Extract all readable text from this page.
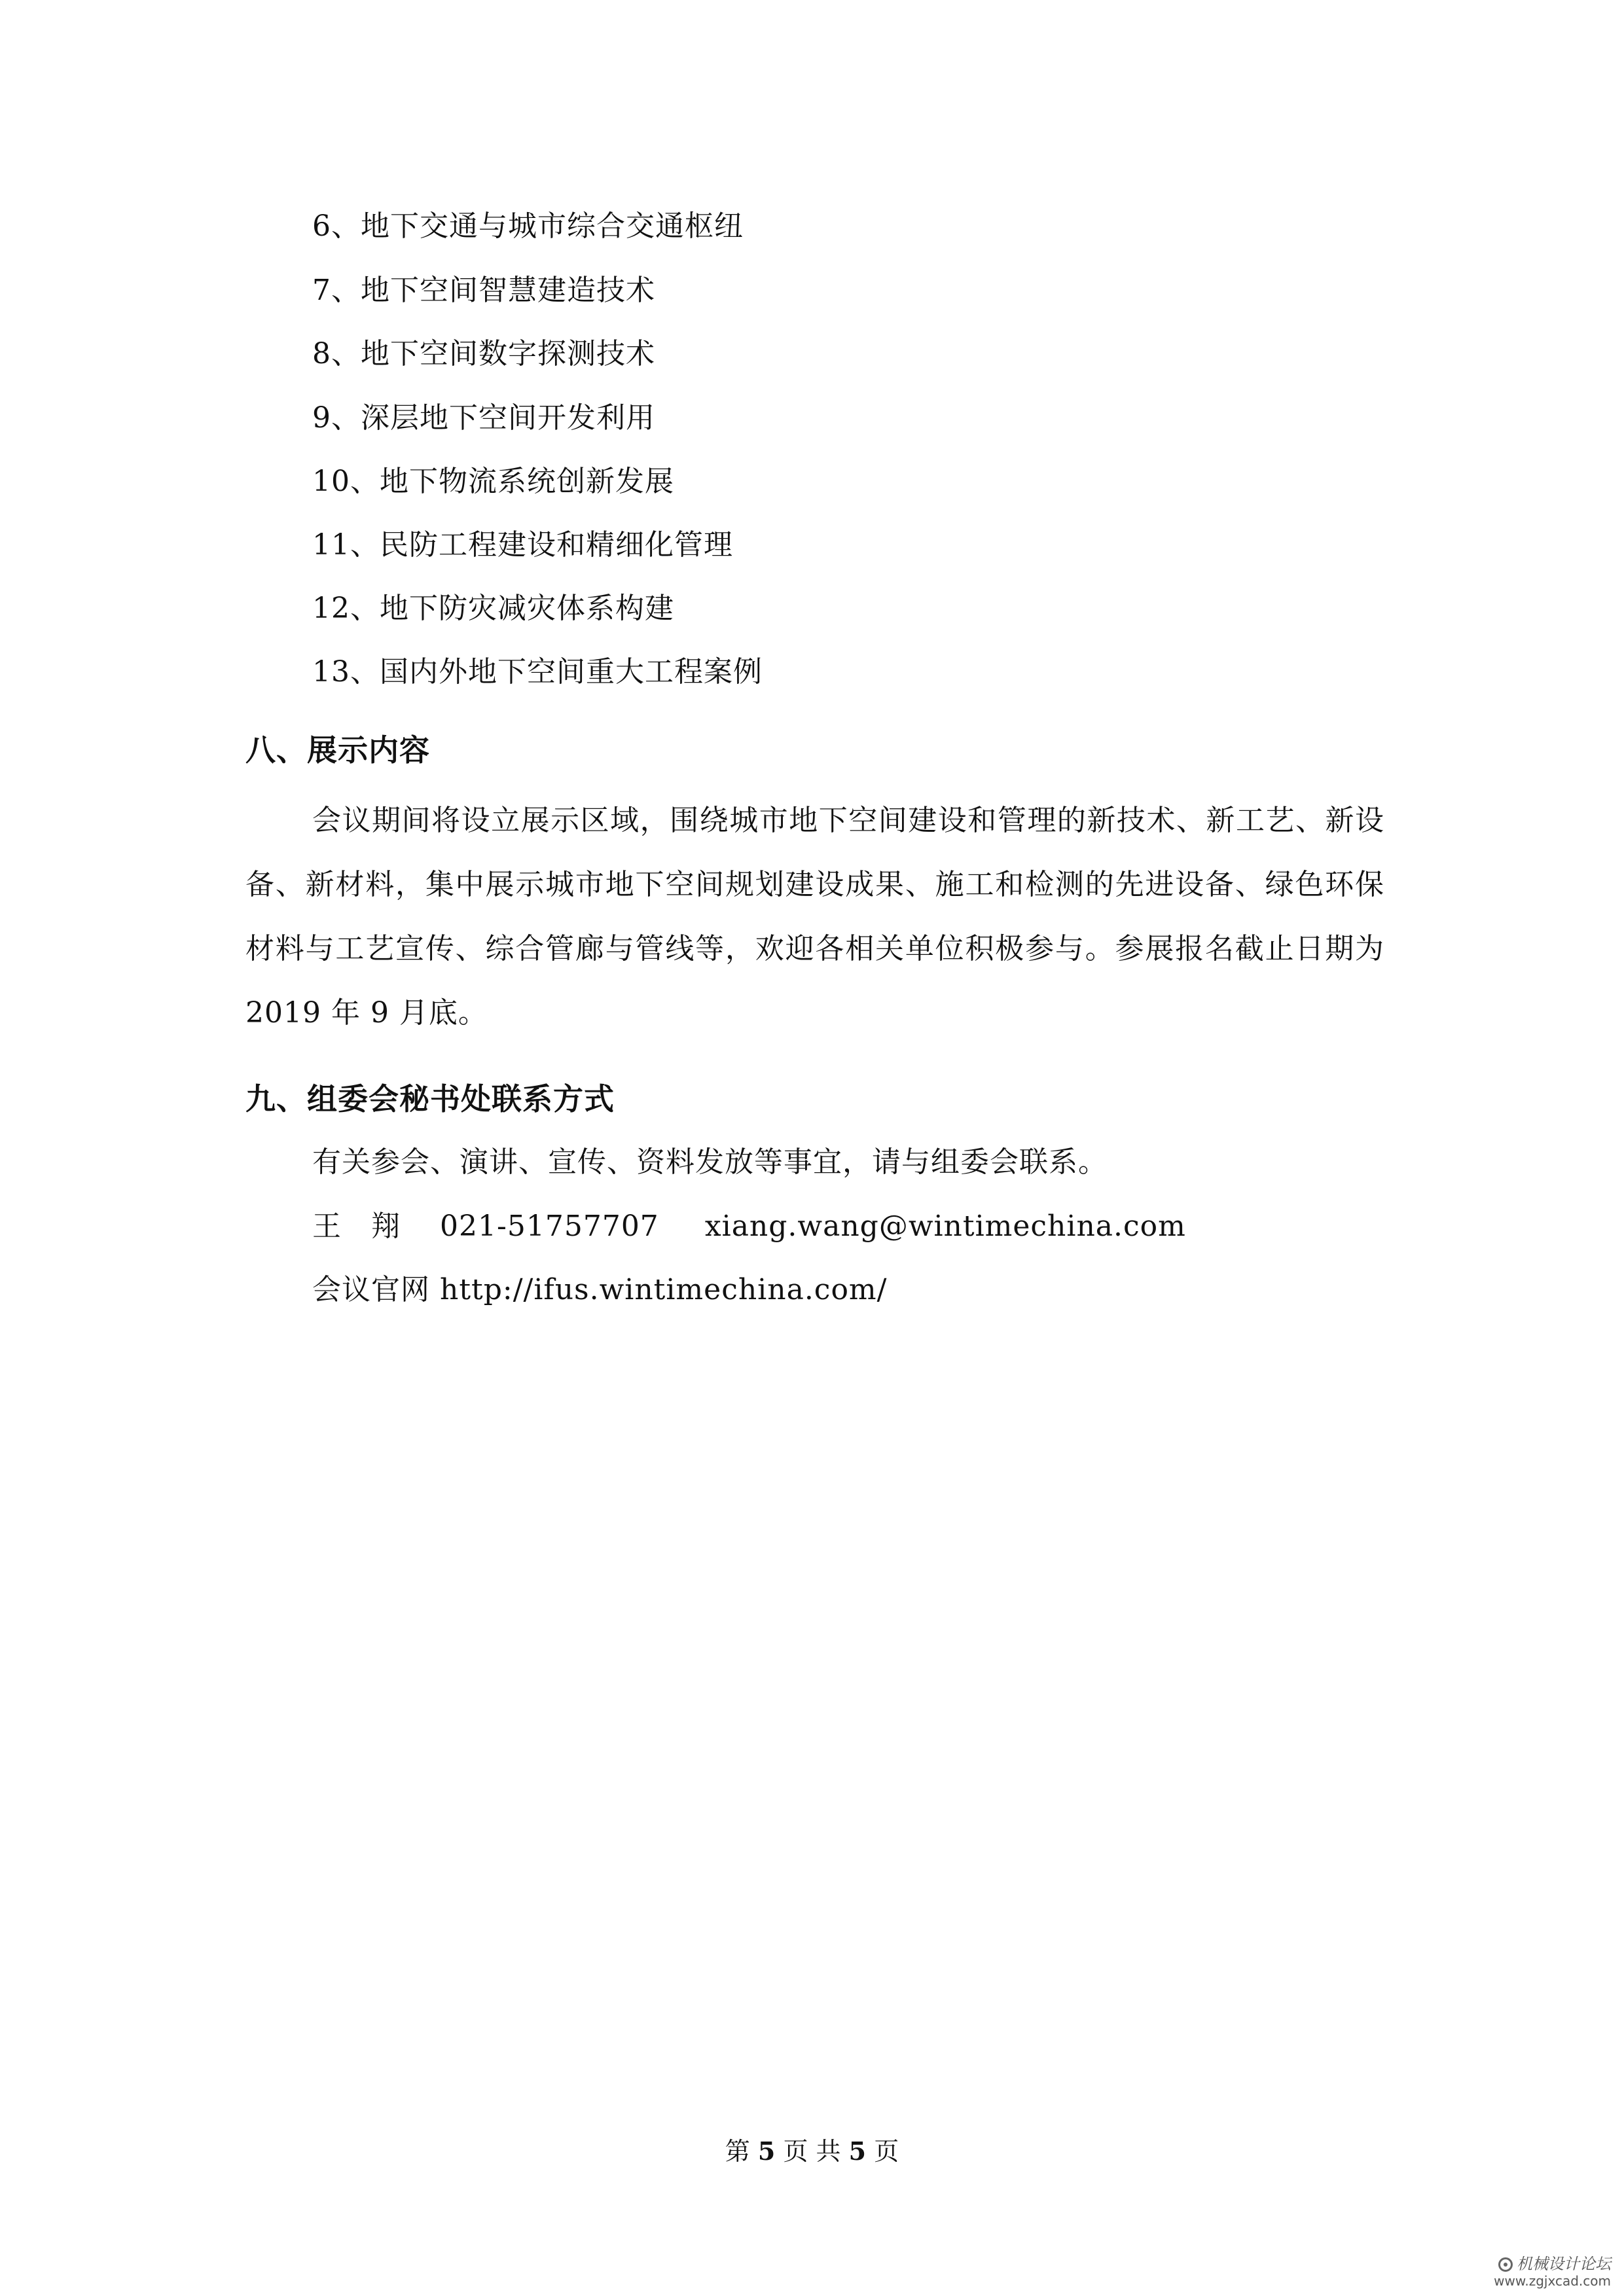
6、地下交通与城市综合交通枢纽
7、地下空间智慧建造技术
8、地下空间数字探测技术
9、深层地下空间开发利用
10、地下物流系统创新发展
11、民防工程建设和精细化管理
12、地下防灾减灾体系构建
13、国内外地下空间重大工程案例
八、展示内容
会议期间将设立展示区域，围绕城市地下空间建设和管理的新技术、新工艺、新设备、新材料，集中展示城市地下空间规划建设成果、施工和检测的先进设备、绿色环保材料与工艺宣传、综合管廊与管线等，欢迎各相关单位积极参与。参展报名截止日期为 2019 年 9 月底。
九、组委会秘书处联系方式
有关参会、演讲、宣传、资料发放等事宜，请与组委会联系。
王　翔 021-51757707 xiang.wang@wintimechina.com
会议官网 http://ifus.wintimechina.com/
第 5 页 共 5 页
机械设计论坛
www.zgjxcad.com
